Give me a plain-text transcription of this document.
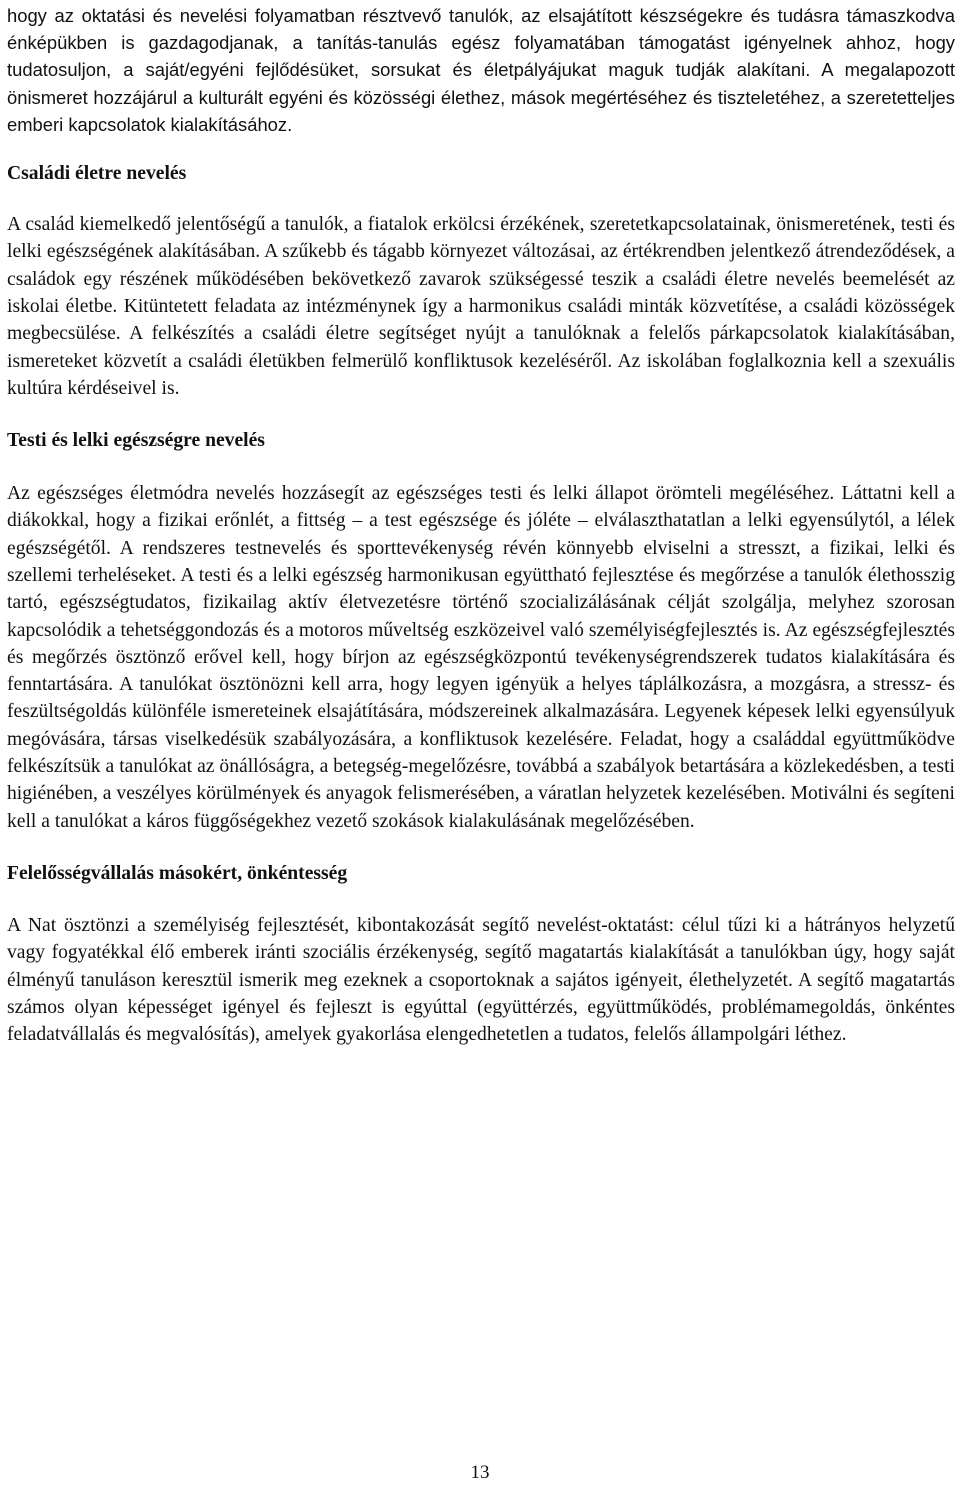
hogy az oktatási és nevelési folyamatban résztvevő tanulók, az elsajátított készségekre és tudásra támaszkodva énképükben is gazdagodjanak, a tanítás-tanulás egész folyamatában támogatást igényelnek ahhoz, hogy tudatosuljon, a saját/egyéni fejlődésüket, sorsukat és életpályájukat maguk tudják alakítani. A megalapozott önismeret hozzájárul a kulturált egyéni és közösségi élethez, mások megértéséhez és tiszteletéhez, a szeretetteljes emberi kapcsolatok kialakításához.

Családi életre nevelés

A család kiemelkedő jelentőségű a tanulók, a fiatalok erkölcsi érzékének, szeretetkapcsolatainak, önismeretének, testi és lelki egészségének alakításában. A szűkebb és tágabb környezet változásai, az értékrendben jelentkező átrendeződések, a családok egy részének működésében bekövetkező zavarok szükségessé teszik a családi életre nevelés beemelését az iskolai életbe. Kitüntetett feladata az intézménynek így a harmonikus családi minták közvetítése, a családi közösségek megbecsülése. A felkészítés a családi életre segítséget nyújt a tanulóknak a felelős párkapcsolatok kialakításában, ismereteket közvetít a családi életükben felmerülő konfliktusok kezeléséről. Az iskolában foglalkoznia kell a szexuális kultúra kérdéseivel is.

Testi és lelki egészségre nevelés

Az egészséges életmódra nevelés hozzásegít az egészséges testi és lelki állapot örömteli megéléséhez. Láttatni kell a diákokkal, hogy a fizikai erőnlét, a fittség – a test egészsége és jóléte – elválaszthatatlan a lelki egyensúlytól, a lélek egészségétől. A rendszeres testnevelés és sporttevékenység révén könnyebb elviselni a stresszt, a fizikai, lelki és szellemi terheléseket. A testi és a lelki egészség harmonikusan együttható fejlesztése és megőrzése a tanulók élethosszig tartó, egészségtudatos, fizikailag aktív életvezetésre történő szocializálásának célját szolgálja, melyhez szorosan kapcsolódik a tehetséggondozás és a motoros műveltség eszközeivel való személyiségfejlesztés is. Az egészségfejlesztés és megőrzés ösztönző erővel kell, hogy bírjon az egészségközpontú tevékenységrendszerek tudatos kialakítására és fenntartására. A tanulókat ösztönözni kell arra, hogy legyen igényük a helyes táplálkozásra, a mozgásra, a stressz- és feszültségoldás különféle ismereteinek elsajátítására, módszereinek alkalmazására. Legyenek képesek lelki egyensúlyuk megóvására, társas viselkedésük szabályozására, a konfliktusok kezelésére. Feladat, hogy a családdal együttműködve felkészítsük a tanulókat az önállóságra, a betegség-megelőzésre, továbbá a szabályok betartására a közlekedésben, a testi higiénében, a veszélyes körülmények és anyagok felismerésében, a váratlan helyzetek kezelésében. Motiválni és segíteni kell a tanulókat a káros függőségekhez vezető szokások kialakulásának megelőzésében.

Felelősségvállalás másokért, önkéntesség

A Nat ösztönzi a személyiség fejlesztését, kibontakozását segítő nevelést-oktatást: célul tűzi ki a hátrányos helyzetű vagy fogyatékkal élő emberek iránti szociális érzékenység, segítő magatartás kialakítását a tanulókban úgy, hogy saját élményű tanuláson keresztül ismerik meg ezeknek a csoportoknak a sajátos igényeit, élethelyzetét. A segítő magatartás számos olyan képességet igényel és fejleszt is egyúttal (együttérzés, együttműködés, problémamegoldás, önkéntes feladatvállalás és megvalósítás), amelyek gyakorlása elengedhetetlen a tudatos, felelős állampolgári léthez.

13
